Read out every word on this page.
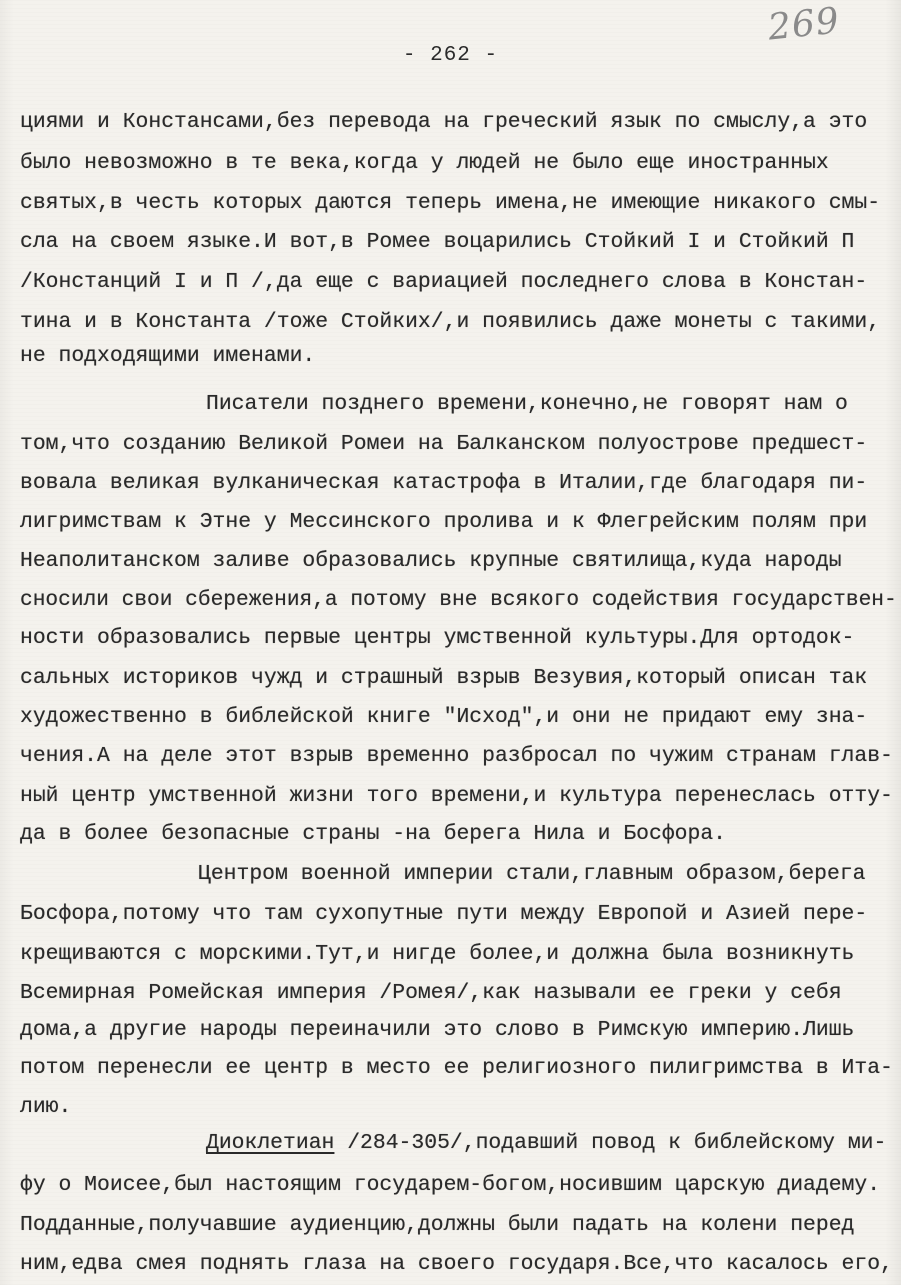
269
- 262 -
циями и Констансами,без перевода на греческий язык по смыслу,а это
было невозможно в те века,когда у людей не было еще иностранных
святых,в честь которых даются теперь имена,не имеющие никакого смы-
сла на своем языке.И вот,в Ромее воцарились Стойкий I и Стойкий П
/Констанций I и П /,да еще с вариацией последнего слова в Констан-
тина и в Константа /тоже Стойких/,и появились даже монеты с такими,
не подходящими именами.
Писатели позднего времени,конечно,не говорят нам о
том,что созданию Великой Ромеи на Балканском полуострове предшест-
вовала великая вулканическая катастрофа в Италии,где благодаря пи-
лигримствам к Этне у Мессинского пролива и к Флегрейским полям при
Неаполитанском заливе образовались крупные святилища,куда народы
сносили свои сбережения,а потому вне всякого содействия государствен-
ности образовались первые центры умственной культуры.Для ортодок-
сальных историков чужд и страшный взрыв Везувия,который описан так
художественно в библейской книге "Исход",и они не придают ему зна-
чения.А на деле этот взрыв временно разбросал по чужим странам глав-
ный центр умственной жизни того времени,и культура перенеслась отту-
да в более безопасные страны -на берега Нила и Босфора.
Центром военной империи стали,главным образом,берега
Босфора,потому что там сухопутные пути между Европой и Азией пере-
крещиваются с морскими.Тут,и нигде более,и должна была возникнуть
Всемирная Ромейская империя /Ромея/,как называли ее греки у себя
дома,а другие народы переиначили это слово в Римскую империю.Лишь
потом перенесли ее центр в место ее религиозного пилигримства в Ита-
лию.
Диоклетиан /284-305/,подавший повод к библейскому ми-
фу о Моисее,был настоящим государем-богом,носившим царскую диадему.
Подданные,получавшие аудиенцию,должны были падать на колени перед
ним,едва смея поднять глаза на своего государя.Все,что касалось его,
